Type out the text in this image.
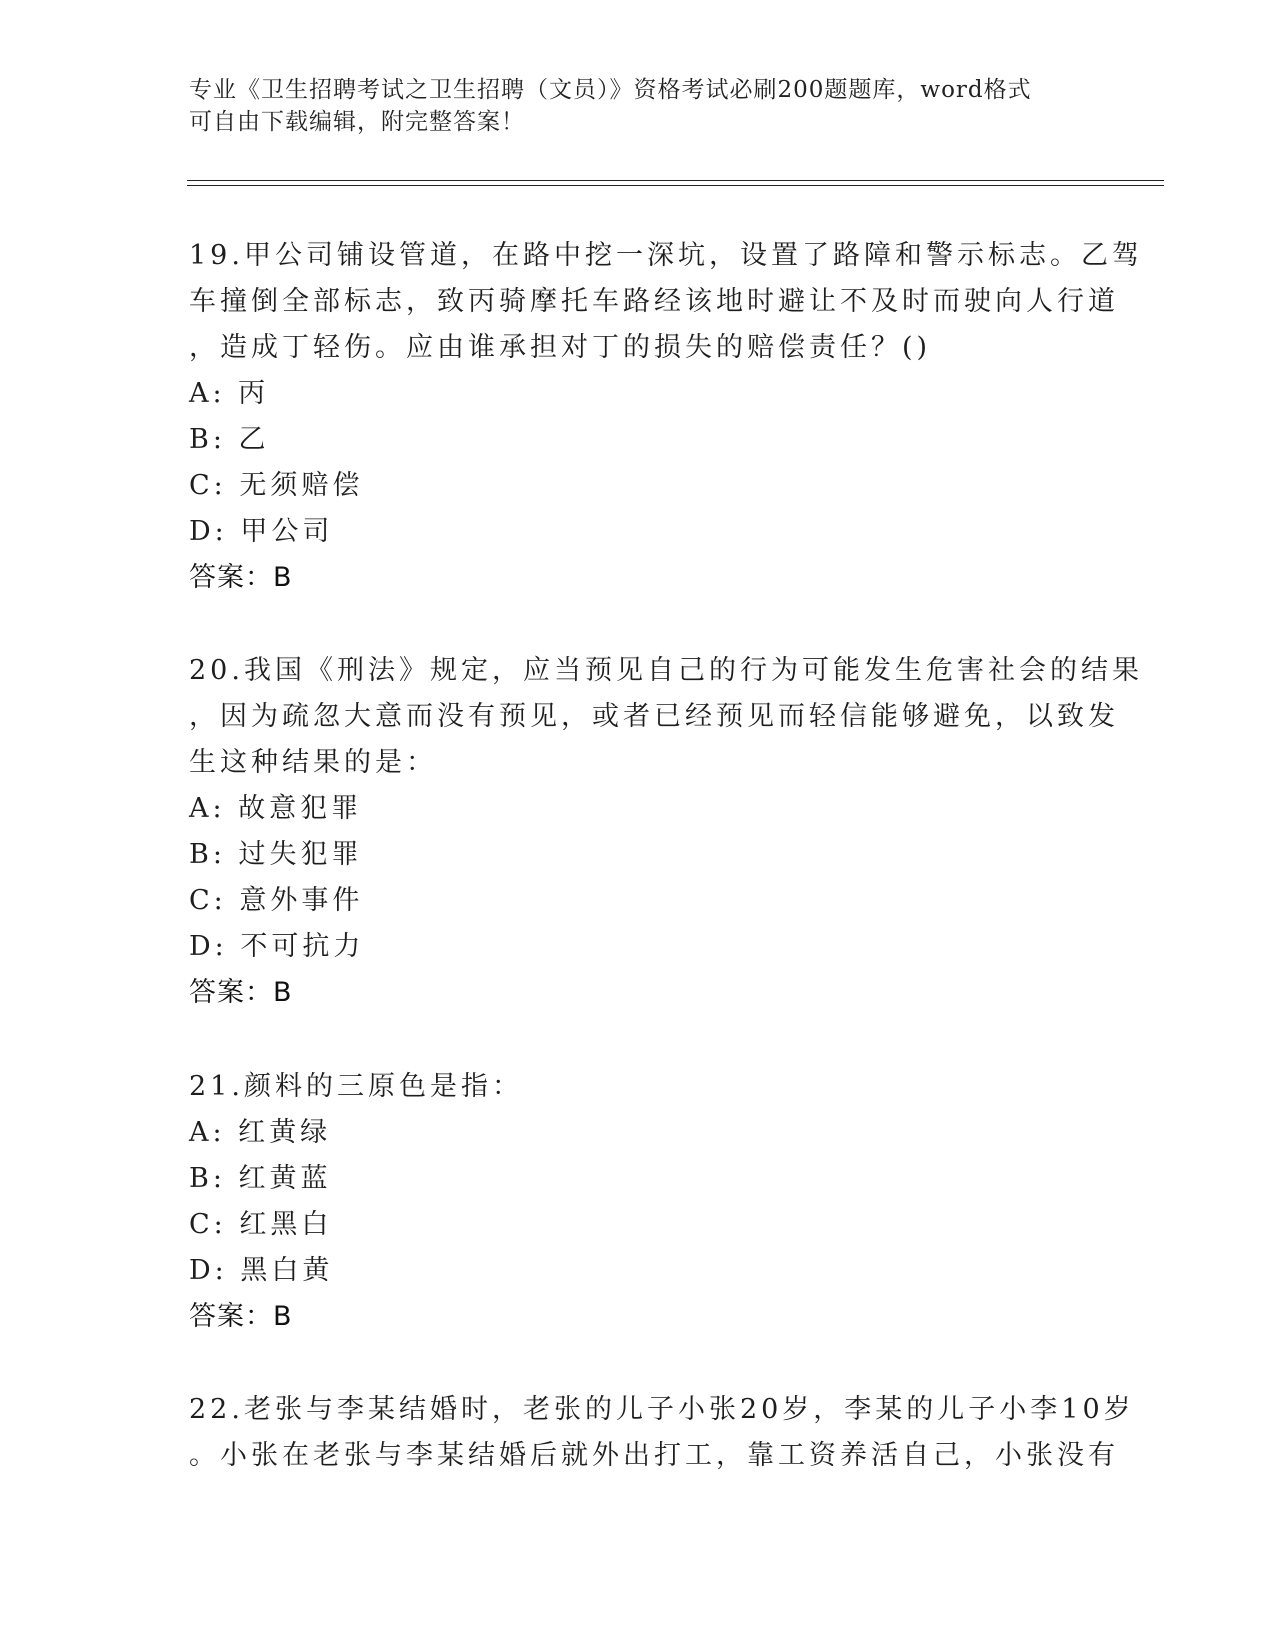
专业《卫生招聘考试之卫生招聘（文员）》资格考试必刷200题题库，word格式
可自由下载编辑，附完整答案！
19.甲公司铺设管道，在路中挖一深坑，设置了路障和警示标志。乙驾
车撞倒全部标志，致丙骑摩托车路经该地时避让不及时而驶向人行道
，造成丁轻伤。应由谁承担对丁的损失的赔偿责任？()
A: 丙
B: 乙
C: 无须赔偿
D: 甲公司
答案：B
20.我国《刑法》规定，应当预见自己的行为可能发生危害社会的结果
，因为疏忽大意而没有预见，或者已经预见而轻信能够避免，以致发
生这种结果的是：
A: 故意犯罪
B: 过失犯罪
C: 意外事件
D: 不可抗力
答案：B
21.颜料的三原色是指：
A: 红黄绿
B: 红黄蓝
C: 红黑白
D: 黑白黄
答案：B
22.老张与李某结婚时，老张的儿子小张20岁，李某的儿子小李10岁
。小张在老张与李某结婚后就外出打工，靠工资养活自己，小张没有
